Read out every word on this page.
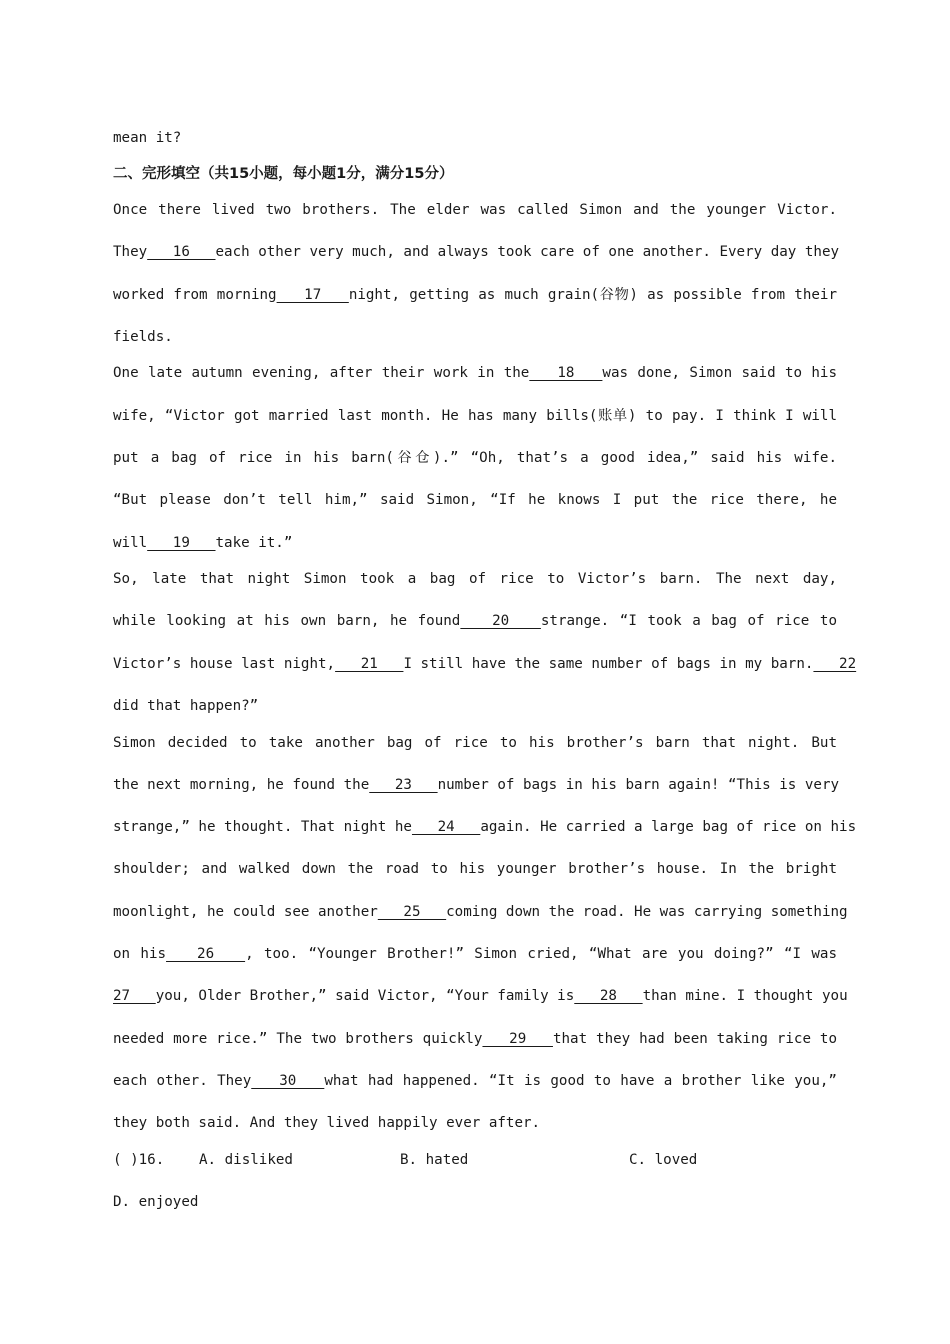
mean it?
二、完形填空（共15小题，每小题1分，满分15分）
Once there lived two brothers. The elder was called Simon and the younger Victor.
They   16   each other very much, and always took care of one another. Every day they
worked from morning   17   night, getting as much grain(谷物) as possible from their
fields.
One late autumn evening, after their work in the   18   was done, Simon said to his
wife, “Victor got married last month. He has many bills(账单) to pay. I think I will
put a bag of rice in his barn(谷仓).” “Oh, that’s a good idea,” said his wife.
“But please don’t tell him,” said Simon, “If he knows I put the rice there, he
will   19   take it.”
So, late that night Simon took a bag of rice to Victor’s barn. The next day,
while looking at his own barn, he found   20   strange. “I took a bag of rice to
Victor’s house last night,   21   I still have the same number of bags in my barn.   22
did that happen?”
Simon decided to take another bag of rice to his brother’s barn that night. But
the next morning, he found the   23   number of bags in his barn again! “This is very
strange,” he thought. That night he   24   again. He carried a large bag of rice on his
shoulder; and walked down the road to his younger brother’s house. In the bright
moonlight, he could see another   25   coming down the road. He was carrying something
on his   26   , too. “Younger Brother!” Simon cried, “What are you doing?” “I was
27   you, Older Brother,” said Victor, “Your family is   28   than mine. I thought you
needed more rice.” The two brothers quickly   29   that they had been taking rice to
each other. They   30   what had happened. “It is good to have a brother like you,”
they both said. And they lived happily ever after.
( )16. A. disliked	B. hated	C. loved
D. enjoyed
